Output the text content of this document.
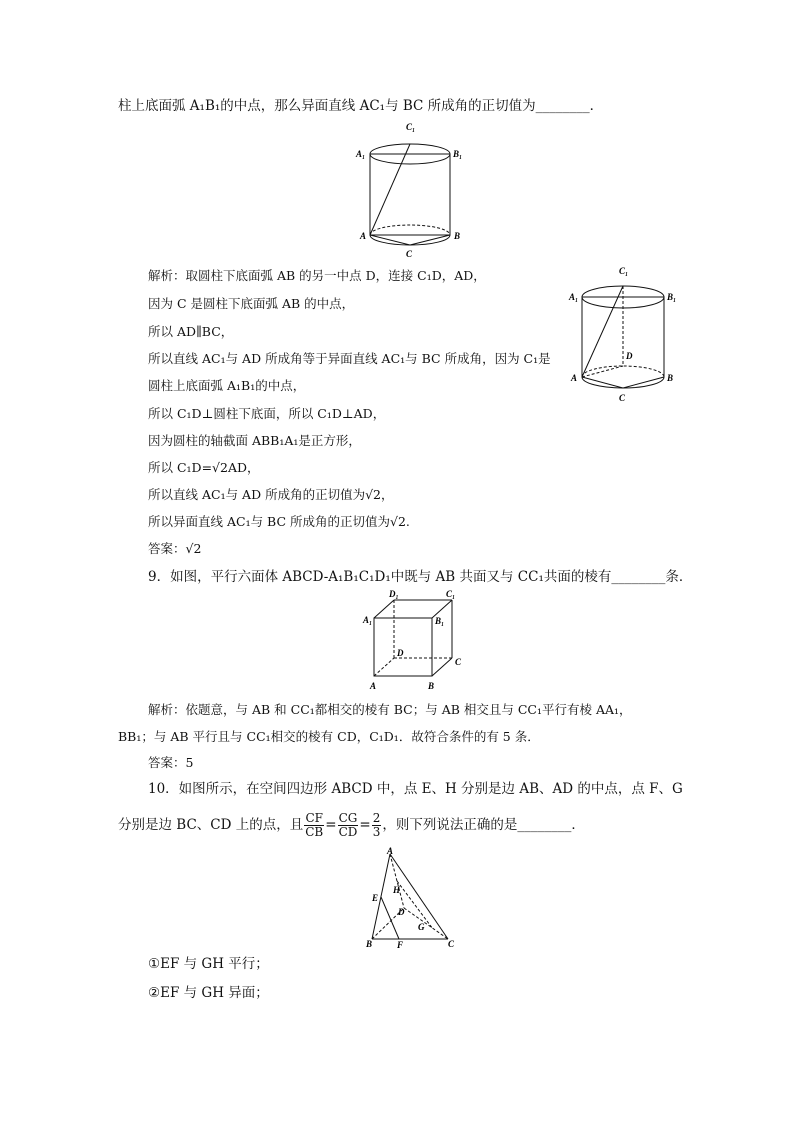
柱上底面弧 A₁B₁的中点，那么异面直线 AC₁与 BC 所成角的正切值为________．
解析：取圆柱下底面弧 AB 的另一中点 D，连接 C₁D，AD，
因为 C 是圆柱下底面弧 AB 的中点，
所以 AD∥BC，
所以直线 AC₁与 AD 所成角等于异面直线 AC₁与 BC 所成角，因为 C₁是
圆柱上底面弧 A₁B₁的中点，
所以 C₁D⊥圆柱下底面，所以 C₁D⊥AD，
因为圆柱的轴截面 ABB₁A₁是正方形，
所以 C₁D=√2AD，
所以直线 AC₁与 AD 所成角的正切值为√2，
所以异面直线 AC₁与 BC 所成角的正切值为√2.
答案：√2
9．如图，平行六面体 ABCD-A₁B₁C₁D₁中既与 AB 共面又与 CC₁共面的棱有________条．
解析：依题意，与 AB 和 CC₁都相交的棱有 BC；与 AB 相交且与 CC₁平行有棱 AA₁，
BB₁；与 AB 平行且与 CC₁相交的棱有 CD，C₁D₁．故符合条件的有 5 条．
答案：5
10．如图所示，在空间四边形 ABCD 中，点 E、H 分别是边 AB、AD 的中点，点 F、G
分别是边 BC、CD 上的点，且 $\frac{CF}{CB} = \frac{CG}{CD} = \frac{2}{3}$ ，则下列说法正确的是________．
①EF 与 GH 平行；
②EF 与 GH 异面；
A₁	B₁
C₁
A	B
C
A₁	B₁
C₁
D
A	B
C
D₁	C₁
A₁	B₁
D
C
A	B
A
E
H
D
G
B	F	C
